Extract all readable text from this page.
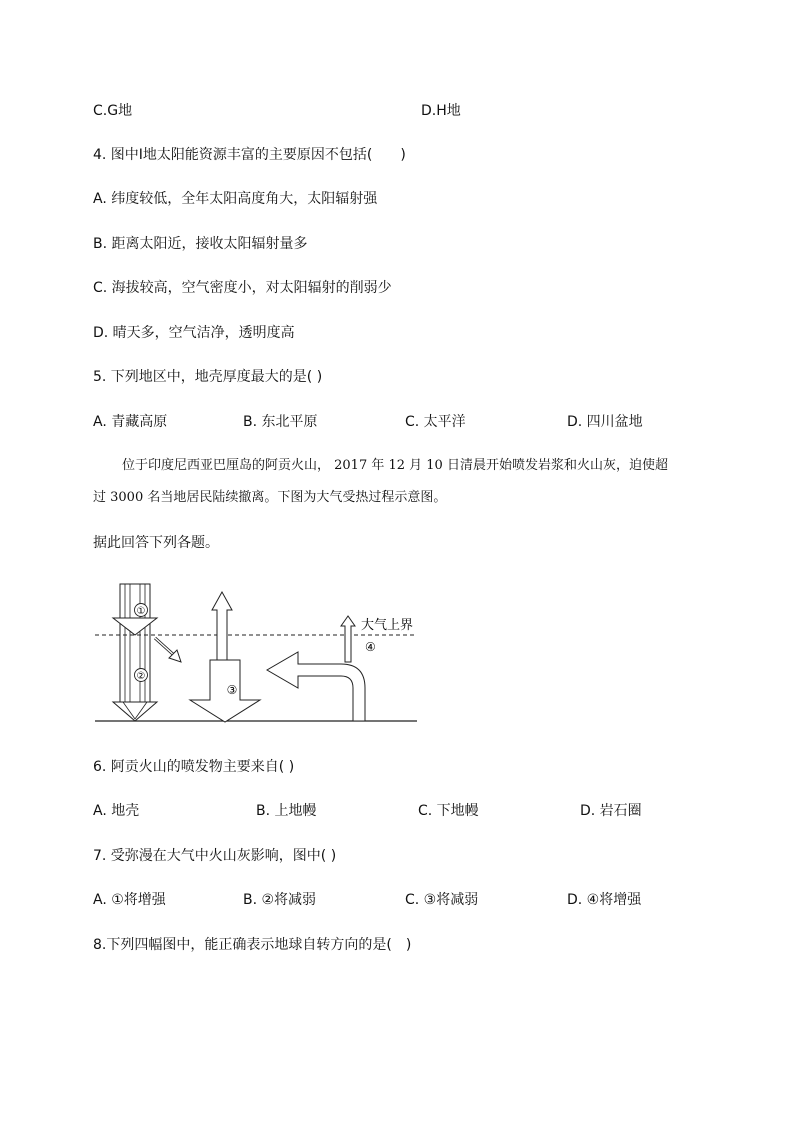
C.G地	D.H地
4. 图中Ⅰ地太阳能资源丰富的主要原因不包括(　　)
A. 纬度较低，全年太阳高度角大，太阳辐射强
B. 距离太阳近，接收太阳辐射量多
C. 海拔较高，空气密度小，对太阳辐射的削弱少
D. 晴天多，空气洁净，透明度高
5. 下列地区中，地壳厚度最大的是( )
A. 青藏高原	B. 东北平原	C. 太平洋	D. 四川盆地
位于印度尼西亚巴厘岛的阿贡火山， 2017 年 12 月 10 日清晨开始喷发岩浆和火山灰，迫使超
过 3000 名当地居民陆续撤离。下图为大气受热过程示意图。
据此回答下列各题。
①
②
③
④
大气上界
6. 阿贡火山的喷发物主要来自( )
A. 地壳	B. 上地幔	C. 下地幔	D. 岩石圈
7. 受弥漫在大气中火山灰影响，图中( )
A. ①将增强	B. ②将减弱	C. ③将减弱	D. ④将增强
8.下列四幅图中，能正确表示地球自转方向的是(　)
